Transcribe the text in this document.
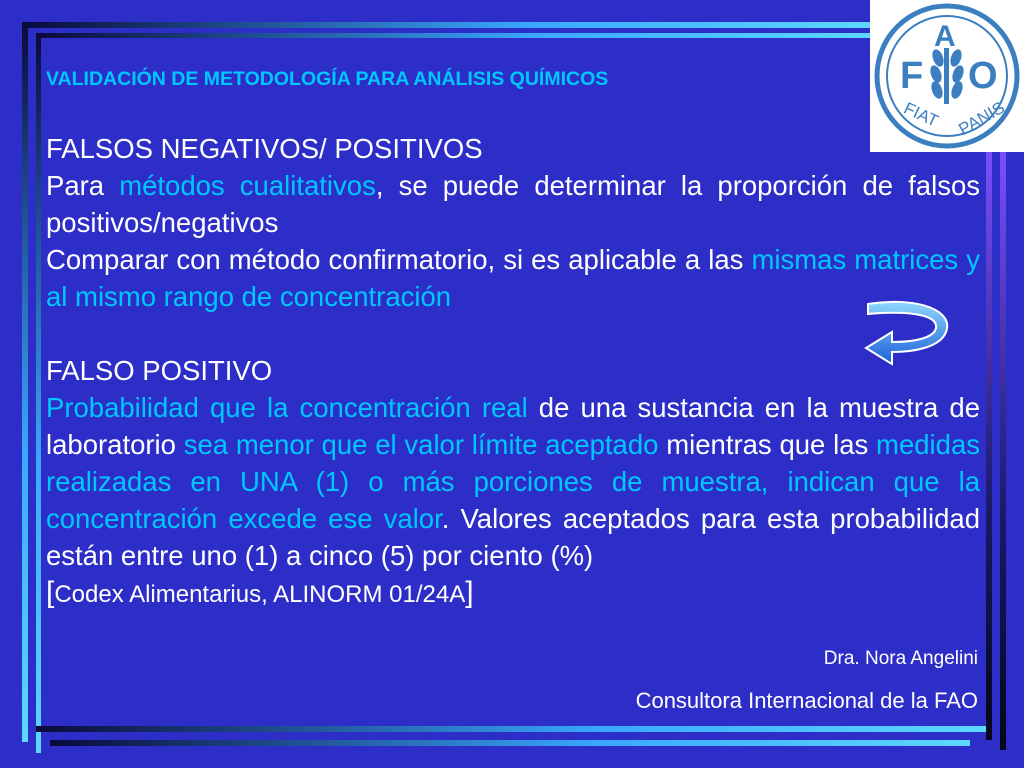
F
A
O
FIAT PANIS
VALIDACIÓN DE METODOLOGÍA PARA ANÁLISIS QUÍMICOS

FALSOS NEGATIVOS/ POSITIVOS

Para métodos cualitativos, se puede determinar la proporción de falsos positivos/negativos

Comparar con método confirmatorio, si es aplicable a las mismas matrices y al mismo rango de concentración

FALSO POSITIVO

Probabilidad que la concentración real de una sustancia en la muestra de laboratorio sea menor que el valor límite aceptado mientras que las medidas realizadas en UNA (1) o más porciones de muestra, indican que la concentración excede ese valor. Valores aceptados para esta probabilidad están entre uno (1) a cinco (5) por ciento (%)

[Codex Alimentarius, ALINORM 01/24A]

Dra. Nora Angelini
Consultora Internacional de la FAO
